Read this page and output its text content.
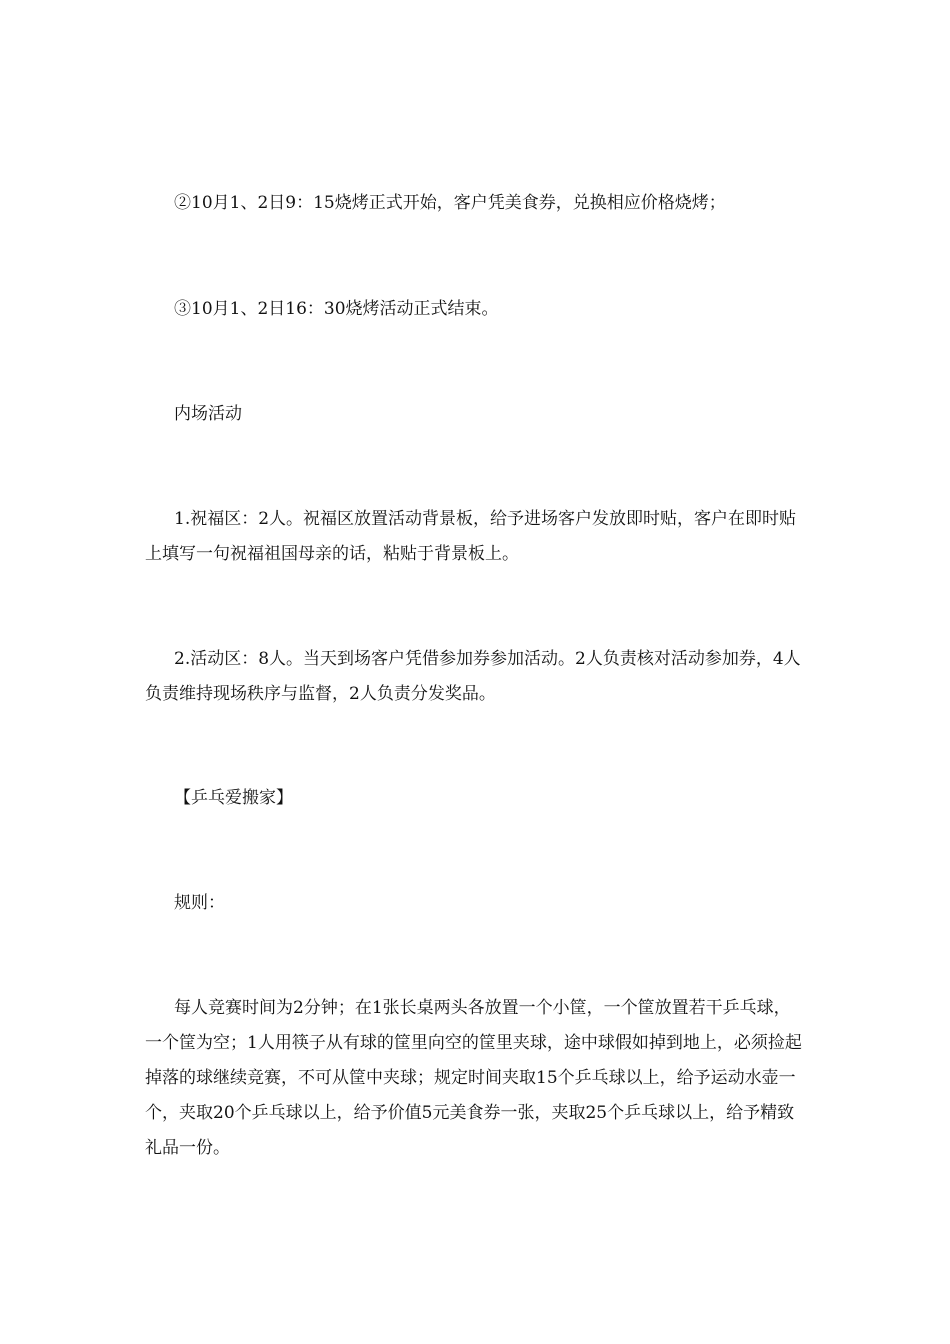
②10月1、2日9：15烧烤正式开始，客户凭美食券，兑换相应价格烧烤；

③10月1、2日16：30烧烤活动正式结束。

内场活动

1.祝福区：2人。祝福区放置活动背景板，给予进场客户发放即时贴，客户在即时贴上填写一句祝福祖国母亲的话，粘贴于背景板上。

2.活动区：8人。当天到场客户凭借参加券参加活动。2人负责核对活动参加券，4人负责维持现场秩序与监督，2人负责分发奖品。

【乒乓爱搬家】

规则：

每人竞赛时间为2分钟；在1张长桌两头各放置一个小筐，一个筐放置若干乒乓球，一个筐为空；1人用筷子从有球的筐里向空的筐里夹球，途中球假如掉到地上，必须捡起掉落的球继续竞赛，不可从筐中夹球；规定时间夹取15个乒乓球以上，给予运动水壶一个，夹取20个乒乓球以上，给予价值5元美食券一张，夹取25个乒乓球以上，给予精致礼品一份。
